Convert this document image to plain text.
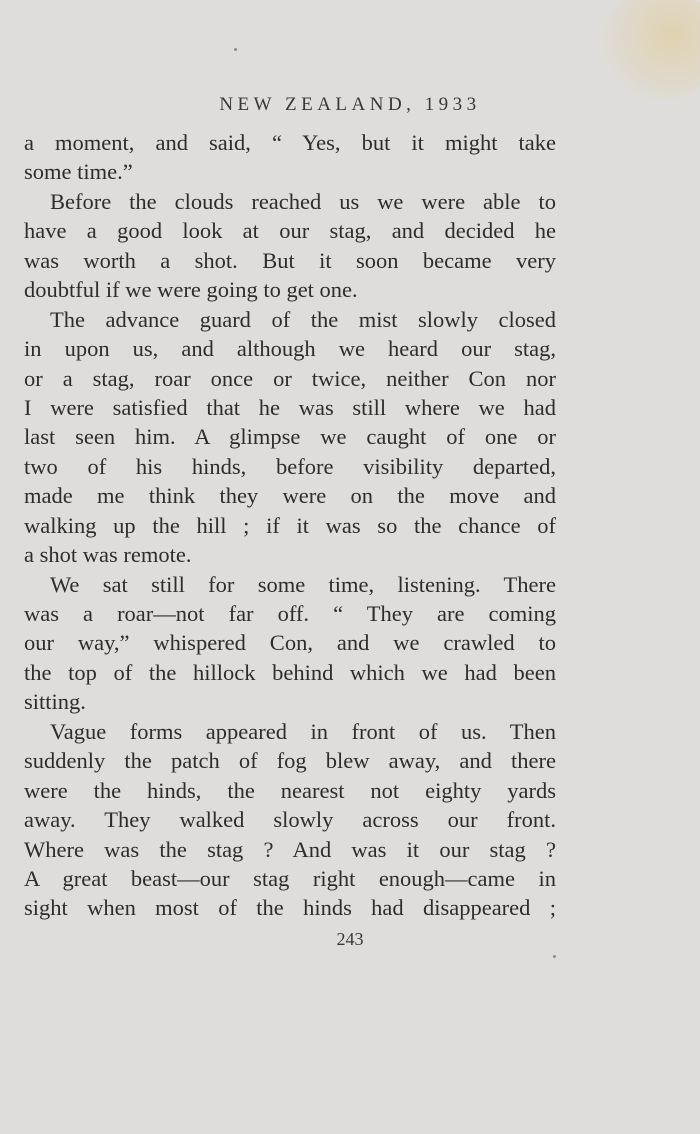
NEW ZEALAND, 1933
a moment, and said, “ Yes, but it might take
some time.”
Before the clouds reached us we were able to
have a good look at our stag, and decided he
was worth a shot. But it soon became very
doubtful if we were going to get one.
The advance guard of the mist slowly closed
in upon us, and although we heard our stag,
or a stag, roar once or twice, neither Con nor
I were satisfied that he was still where we had
last seen him. A glimpse we caught of one or
two of his hinds, before visibility departed,
made me think they were on the move and
walking up the hill ; if it was so the chance of
a shot was remote.
We sat still for some time, listening. There
was a roar—not far off. “ They are coming
our way,” whispered Con, and we crawled to
the top of the hillock behind which we had been
sitting.
Vague forms appeared in front of us. Then
suddenly the patch of fog blew away, and there
were the hinds, the nearest not eighty yards
away. They walked slowly across our front.
Where was the stag ? And was it our stag ?
A great beast—our stag right enough—came in
sight when most of the hinds had disappeared ;
243
